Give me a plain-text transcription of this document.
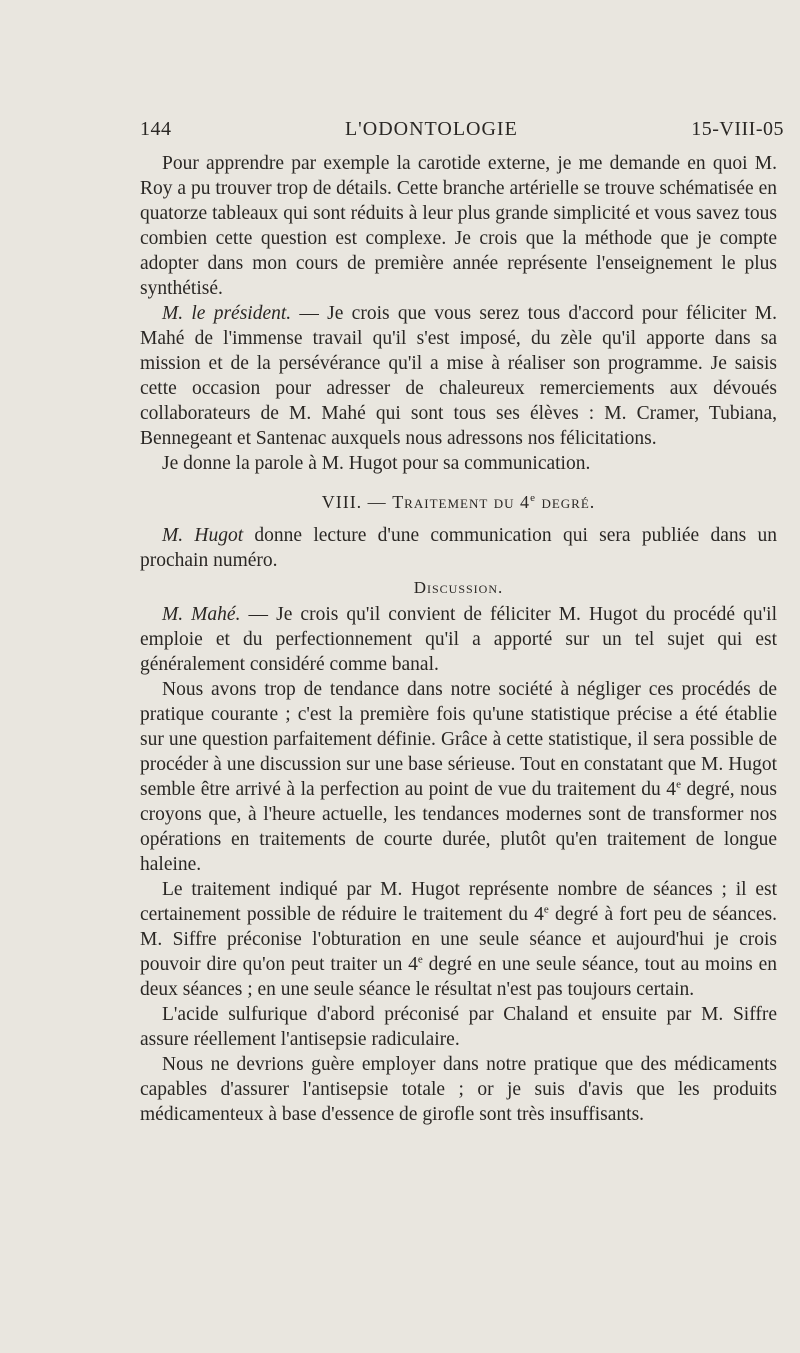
144	L'ODONTOLOGIE	15-VIII-05

Pour apprendre par exemple la carotide externe, je me demande en quoi M. Roy a pu trouver trop de détails. Cette branche artérielle se trouve schématisée en quatorze tableaux qui sont réduits à leur plus grande simplicité et vous savez tous combien cette question est complexe. Je crois que la méthode que je compte adopter dans mon cours de première année représente l'enseignement le plus synthétisé.

M. le président. — Je crois que vous serez tous d'accord pour féliciter M. Mahé de l'immense travail qu'il s'est imposé, du zèle qu'il apporte dans sa mission et de la persévérance qu'il a mise à réaliser son programme. Je saisis cette occasion pour adresser de chaleureux remerciements aux dévoués collaborateurs de M. Mahé qui sont tous ses élèves : M. Cramer, Tubiana, Bennegeant et Santenac auxquels nous adressons nos félicitations.

Je donne la parole à M. Hugot pour sa communication.

VIII. — Traitement du 4e degré.

M. Hugot donne lecture d'une communication qui sera publiée dans un prochain numéro.

Discussion.

M. Mahé. — Je crois qu'il convient de féliciter M. Hugot du procédé qu'il emploie et du perfectionnement qu'il a apporté sur un tel sujet qui est généralement considéré comme banal.

Nous avons trop de tendance dans notre société à négliger ces procédés de pratique courante ; c'est la première fois qu'une statistique précise a été établie sur une question parfaitement définie. Grâce à cette statistique, il sera possible de procéder à une discussion sur une base sérieuse. Tout en constatant que M. Hugot semble être arrivé à la perfection au point de vue du traitement du 4e degré, nous croyons que, à l'heure actuelle, les tendances modernes sont de transformer nos opérations en traitements de courte durée, plutôt qu'en traitement de longue haleine.

Le traitement indiqué par M. Hugot représente nombre de séances ; il est certainement possible de réduire le traitement du 4e degré à fort peu de séances. M. Siffre préconise l'obturation en une seule séance et aujourd'hui je crois pouvoir dire qu'on peut traiter un 4e degré en une seule séance, tout au moins en deux séances ; en une seule séance le résultat n'est pas toujours certain.

L'acide sulfurique d'abord préconisé par Chaland et ensuite par M. Siffre assure réellement l'antisepsie radiculaire.

Nous ne devrions guère employer dans notre pratique que des médicaments capables d'assurer l'antisepsie totale ; or je suis d'avis que les produits médicamenteux à base d'essence de girofle sont très insuffisants.
